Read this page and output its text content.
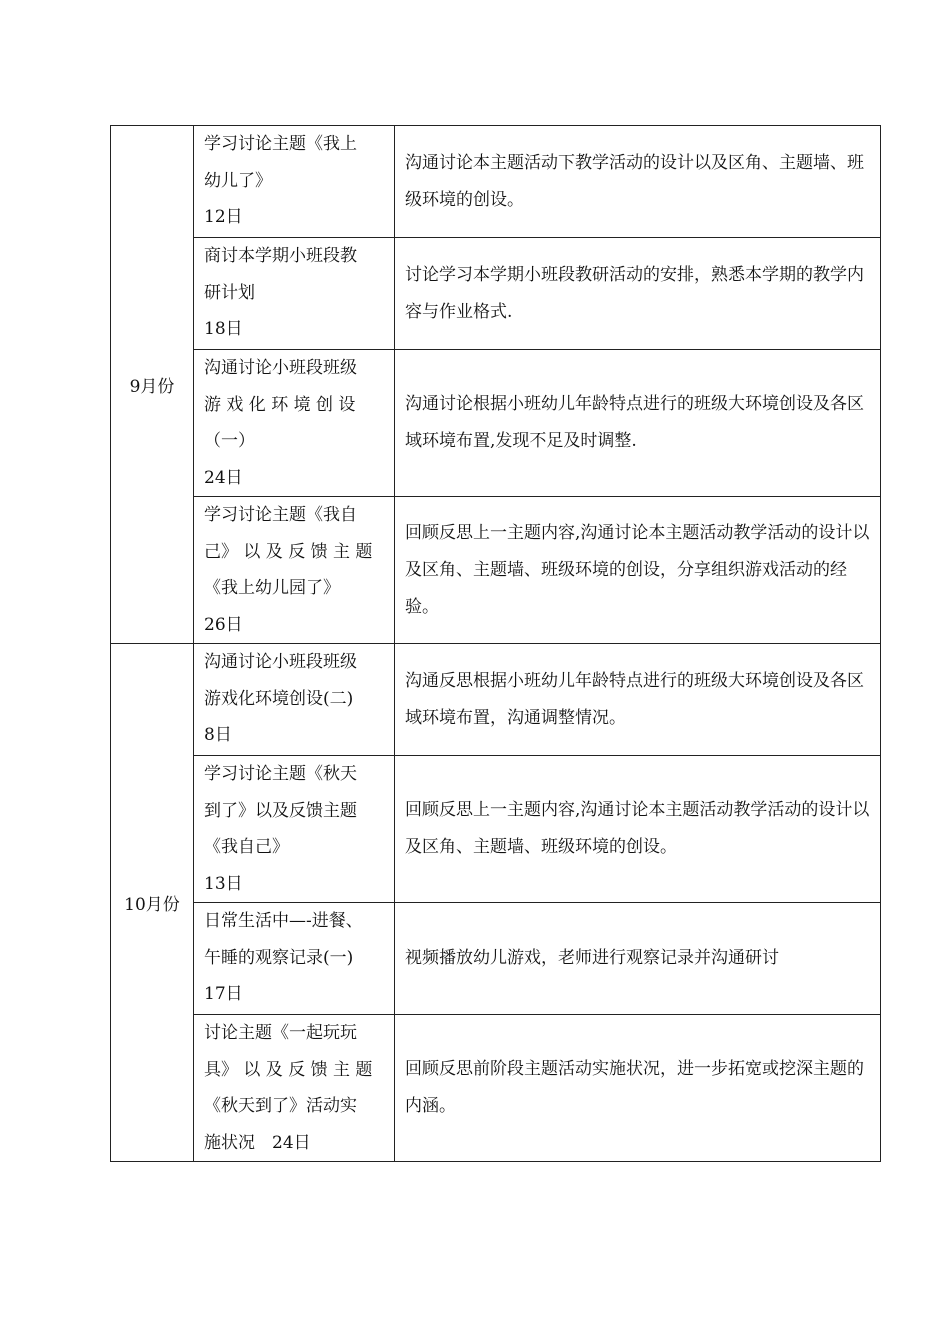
9月份	学习讨论主题《我上
幼儿了》
12日	沟通讨论本主题活动下教学活动的设计以及区角、主题墙、班级环境的创设。
	商讨本学期小班段教
研计划
18日	讨论学习本学期小班段教研活动的安排，熟悉本学期的教学内容与作业格式.
	沟通讨论小班段班级
游 戏 化 环 境 创 设
（一）
24日	沟通讨论根据小班幼儿年龄特点进行的班级大环境创设及各区域环境布置,发现不足及时调整.
	学习讨论主题《我自
己》 以 及 反 馈 主 题
《我上幼儿园了》
26日	回顾反思上一主题内容,沟通讨论本主题活动教学活动的设计以及区角、主题墙、班级环境的创设，分享组织游戏活动的经验。
10月份	沟通讨论小班段班级
游戏化环境创设(二)
8日	沟通反思根据小班幼儿年龄特点进行的班级大环境创设及各区域环境布置，沟通调整情况。
	学习讨论主题《秋天
到了》以及反馈主题
《我自己》
13日	回顾反思上一主题内容,沟通讨论本主题活动教学活动的设计以及区角、主题墙、班级环境的创设。
	日常生活中—-进餐、
午睡的观察记录(一)
17日	视频播放幼儿游戏，老师进行观察记录并沟通研讨
	讨论主题《一起玩玩
具》 以 及 反 馈 主 题
《秋天到了》活动实
施状况　24日	回顾反思前阶段主题活动实施状况，进一步拓宽或挖深主题的内涵。
